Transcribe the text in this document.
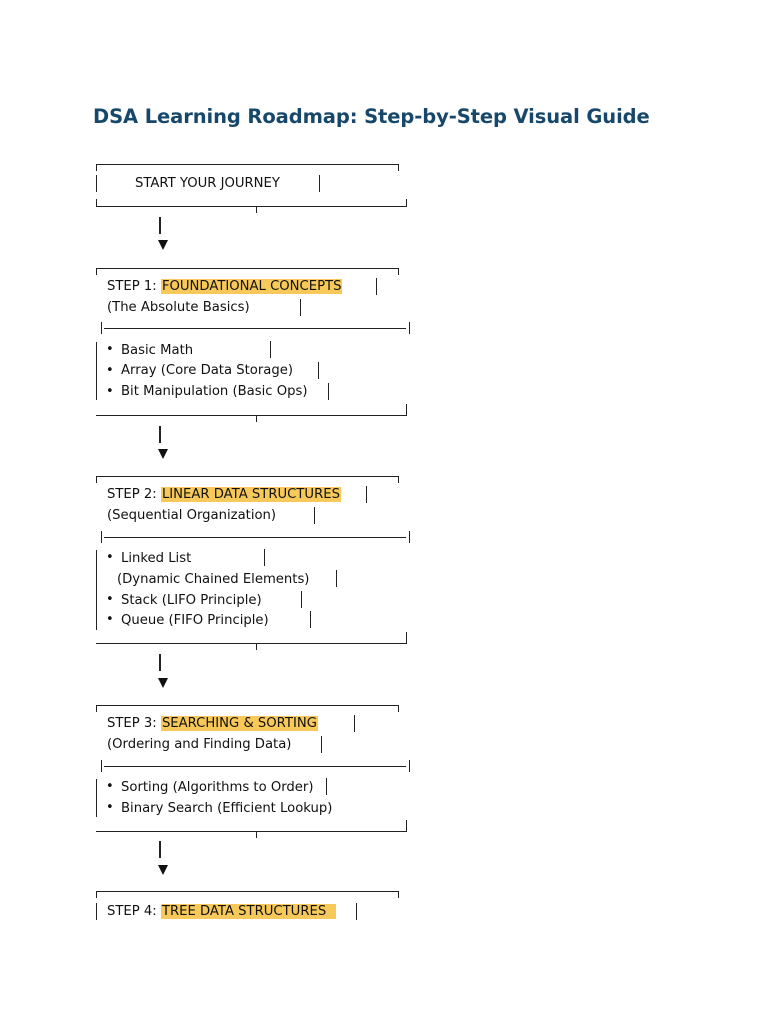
DSA Learning Roadmap: Step-by-Step Visual Guide
START YOUR JOURNEY
STEP 1: FOUNDATIONAL CONCEPTS
(The Absolute Basics)
• Basic Math
• Array (Core Data Storage)
• Bit Manipulation (Basic Ops)
STEP 2: LINEAR DATA STRUCTURES
(Sequential Organization)
• Linked List
(Dynamic Chained Elements)
• Stack (LIFO Principle)
• Queue (FIFO Principle)
STEP 3: SEARCHING & SORTING
(Ordering and Finding Data)
• Sorting (Algorithms to Order)
• Binary Search (Efficient Lookup)
STEP 4: TREE DATA STRUCTURES
